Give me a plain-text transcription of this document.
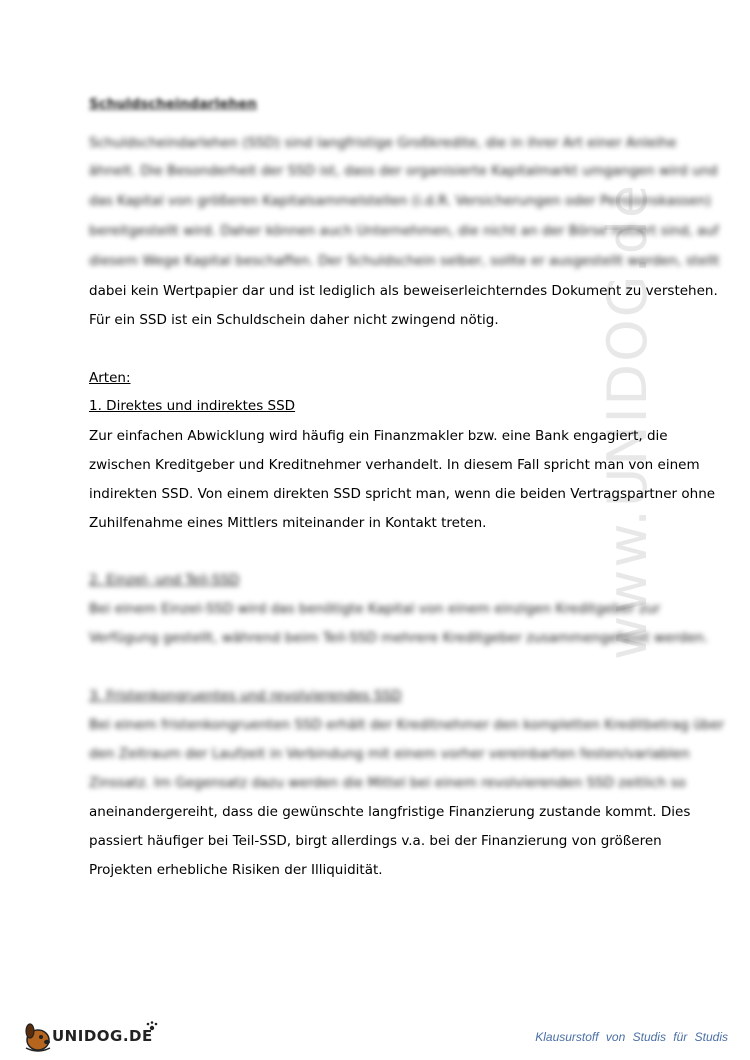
www.UNIDOG.de
Schuldscheindarlehen
Schuldscheindarlehen (SSD) sind langfristige Großkredite, die in ihrer Art einer Anleihe
ähnelt. Die Besonderheit der SSD ist, dass der organisierte Kapitalmarkt umgangen wird und
das Kapital von größeren Kapitalsammelstellen (i.d.R. Versicherungen oder Pensionskassen)
bereitgestellt wird. Daher können auch Unternehmen, die nicht an der Börse notiert sind, auf
diesem Wege Kapital beschaffen. Der Schuldschein selber, sollte er ausgestellt werden, stellt
dabei kein Wertpapier dar und ist lediglich als beweiserleichterndes Dokument zu verstehen.
Für ein SSD ist ein Schuldschein daher nicht zwingend nötig.
Arten:
1. Direktes und indirektes SSD
Zur einfachen Abwicklung wird häufig ein Finanzmakler bzw. eine Bank engagiert, die
zwischen Kreditgeber und Kreditnehmer verhandelt. In diesem Fall spricht man von einem
indirekten SSD. Von einem direkten SSD spricht man, wenn die beiden Vertragspartner ohne
Zuhilfenahme eines Mittlers miteinander in Kontakt treten.
2. Einzel- und Teil-SSD
Bei einem Einzel-SSD wird das benötigte Kapital von einem einzigen Kreditgeber zur
Verfügung gestellt, während beim Teil-SSD mehrere Kreditgeber zusammengefasst werden.
3. Fristenkongruentes und revolvierendes SSD
Bei einem fristenkongruenten SSD erhält der Kreditnehmer den kompletten Kreditbetrag über
den Zeitraum der Laufzeit in Verbindung mit einem vorher vereinbarten festen/variablen
Zinssatz. Im Gegensatz dazu werden die Mittel bei einem revolvierenden SSD zeitlich so
aneinandergereiht, dass die gewünschte langfristige Finanzierung zustande kommt. Dies
passiert häufiger bei Teil-SSD, birgt allerdings v.a. bei der Finanzierung von größeren
Projekten erhebliche Risiken der Illiquidität.
UNIDOG.DE	Klausurstoff von Studis für Studis
